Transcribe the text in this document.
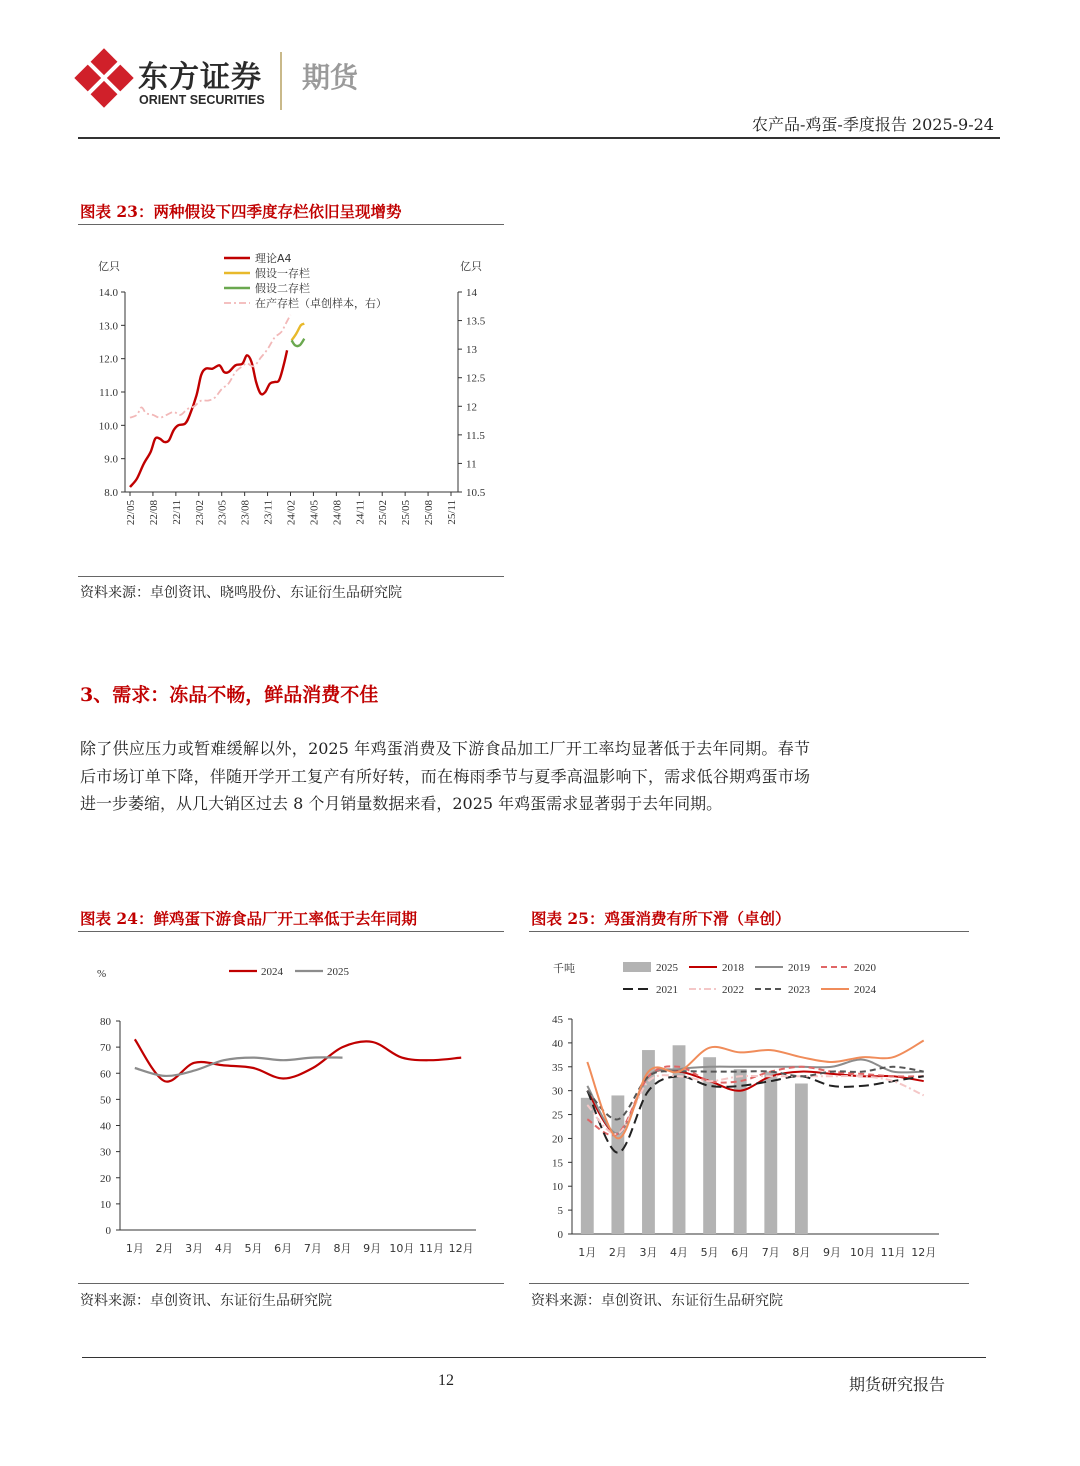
东方证券
ORIENT SECURITIES
期货
农产品-鸡蛋-季度报告 2025-9-24
图表 23：两种假设下四季度存栏依旧呈现增势
亿只	亿只
8.0
9.0
10.0
11.0
12.0
13.0
14.0
10.5
11
11.5
12
12.5
13
13.5
14
22/05 22/08 22/11 23/02 23/05 23/08 23/11 24/02 24/05 24/08 24/11 25/02 25/05 25/08 25/11
理论A4
假设一存栏
假设二存栏
在产存栏（卓创样本，右）
资料来源：卓创资讯、晓鸣股份、东证衍生品研究院
3、需求：冻品不畅，鲜品消费不佳
除了供应压力或暂难缓解以外，2025 年鸡蛋消费及下游食品加工厂开工率均显著低于去年同期。春节后市场订单下降，伴随开学开工复产有所好转，而在梅雨季节与夏季高温影响下，需求低谷期鸡蛋市场进一步萎缩，从几大销区过去 8 个月销量数据来看，2025 年鸡蛋需求显著弱于去年同期。
图表 24：鲜鸡蛋下游食品厂开工率低于去年同期
%
0
10
20
30
40
50
60
70
80
1月 2月 3月 4月 5月 6月 7月 8月 9月 10月 11月 12月
2024	2025
资料来源：卓创资讯、东证衍生品研究院
图表 25：鸡蛋消费有所下滑（卓创）
千吨
0
5
10
15
20
25
30
35
40
45
1月 2月 3月 4月 5月 6月 7月 8月 9月 10月 11月 12月
2025	2018	2019	2020
2021	2022	2023	2024
资料来源：卓创资讯、东证衍生品研究院
12	期货研究报告
